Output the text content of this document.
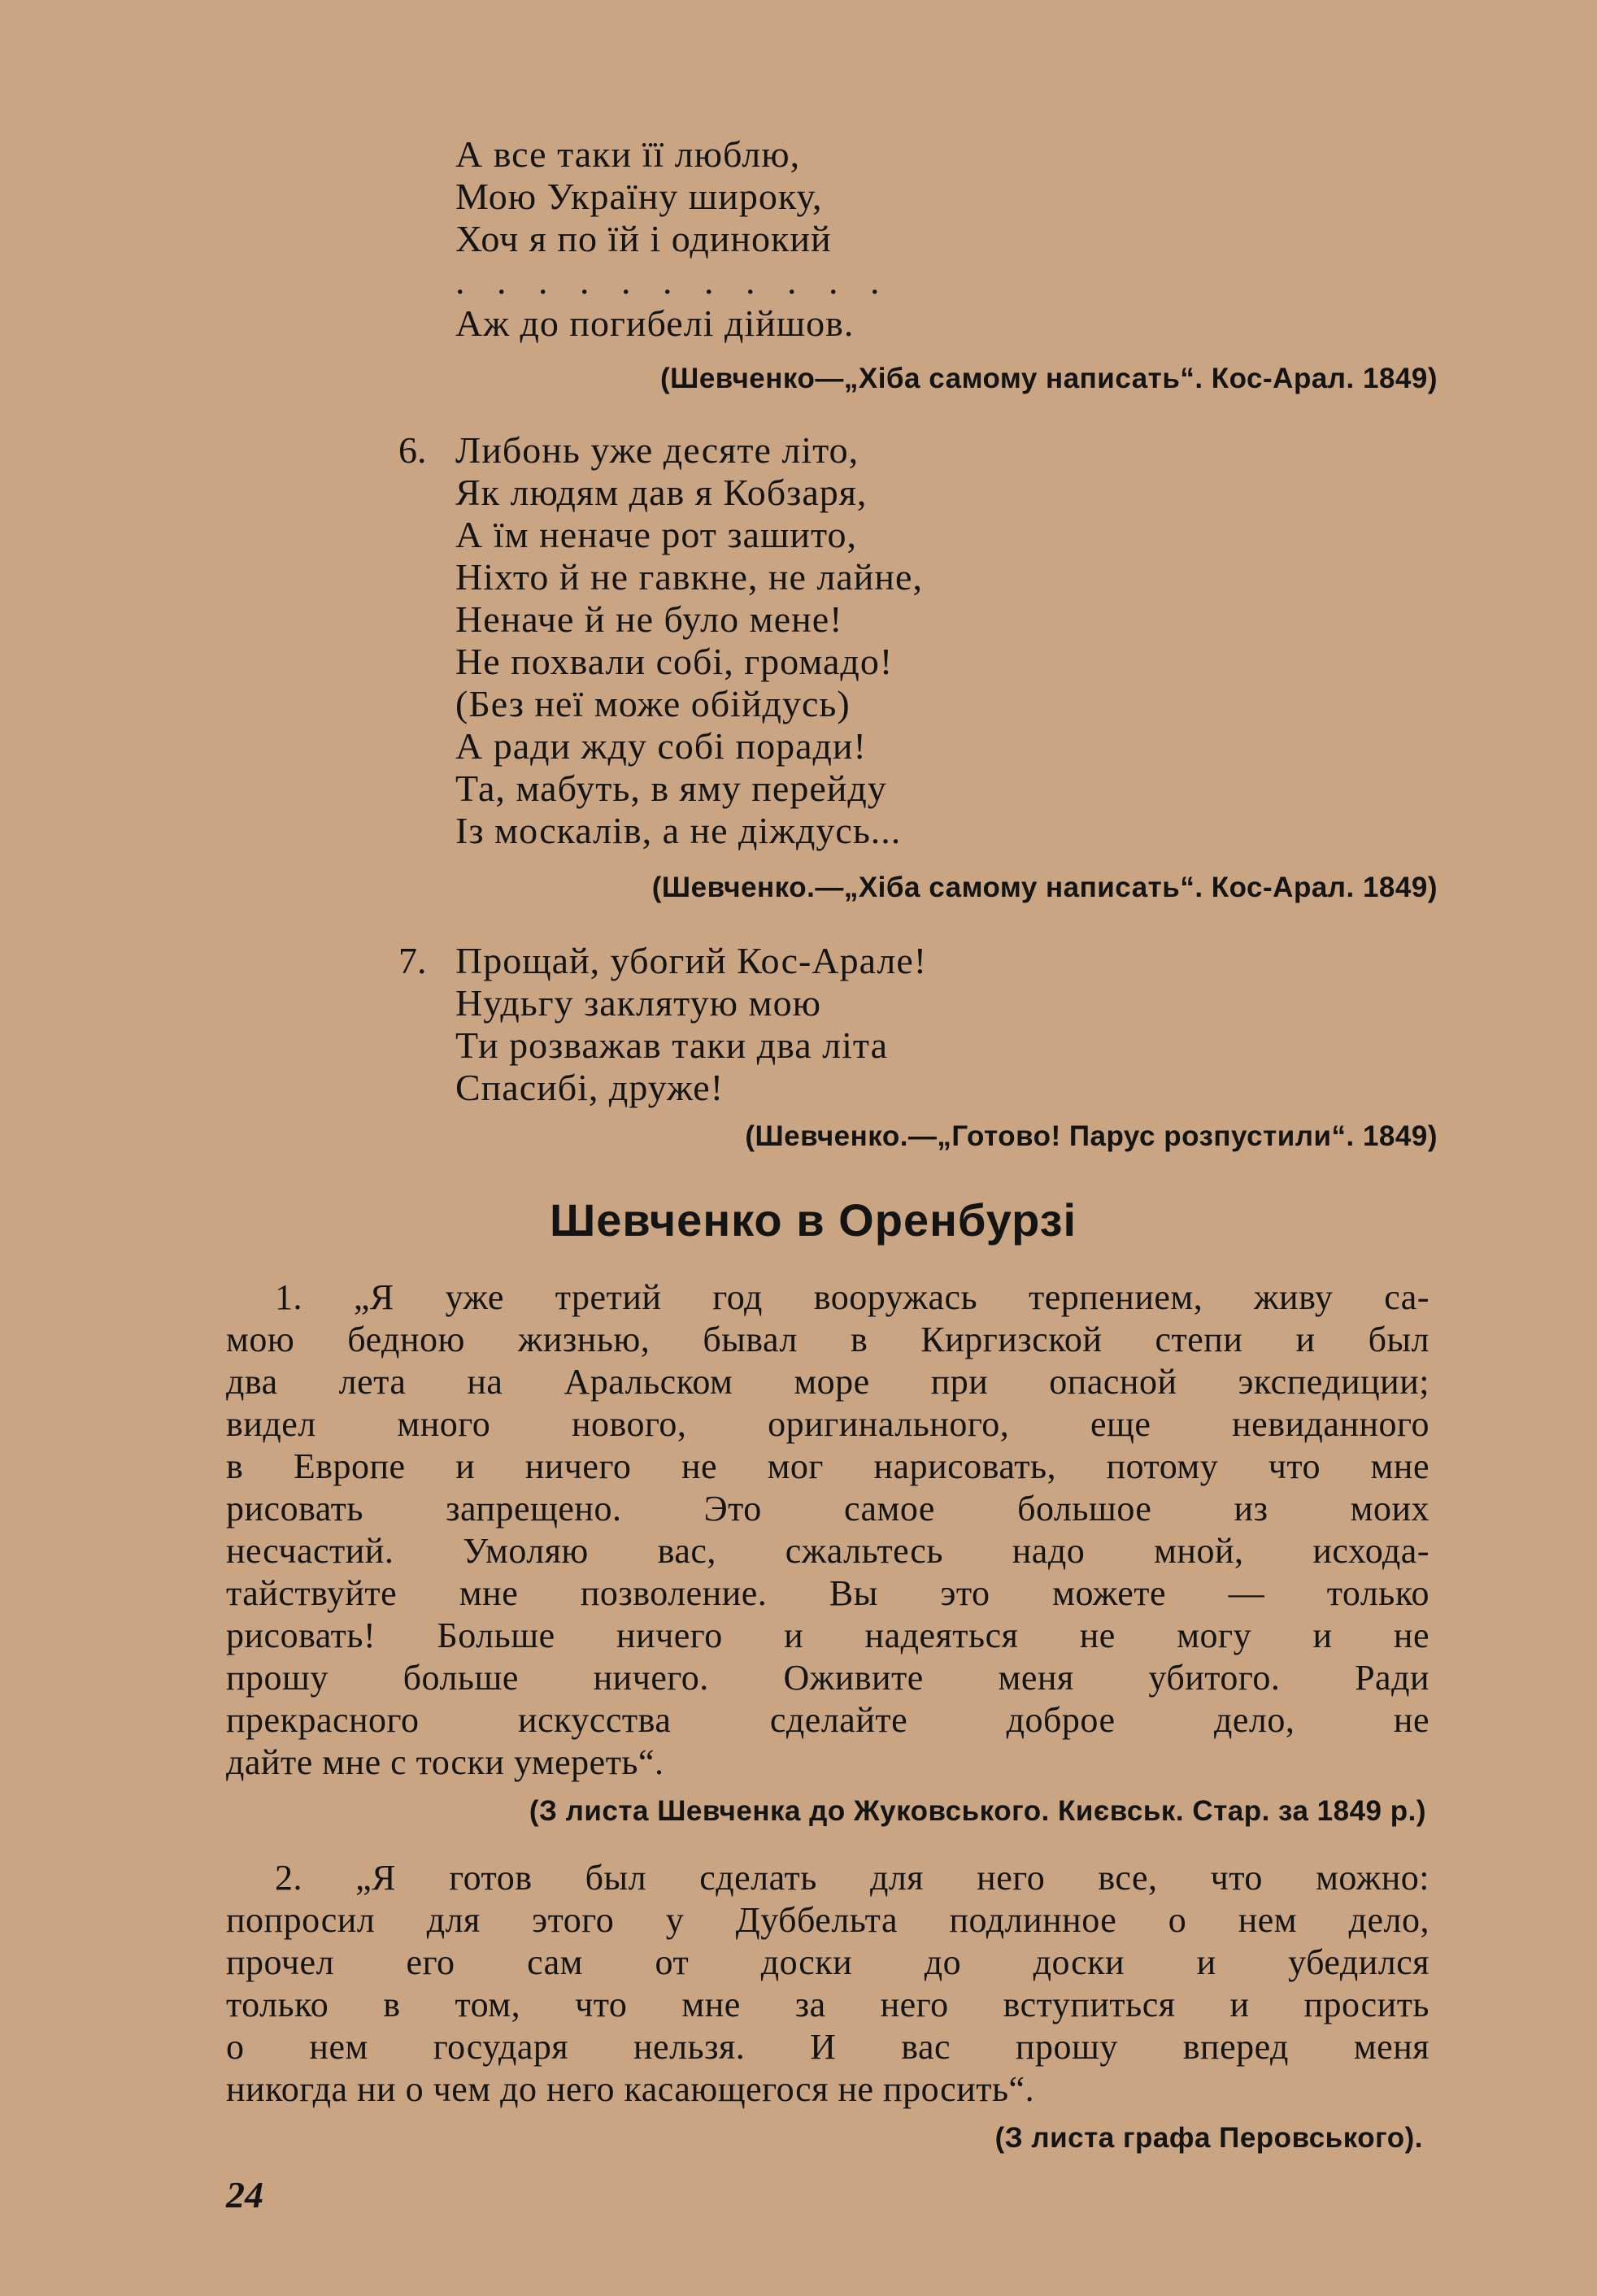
А все таки її люблю,
Мою Україну широку,
Хоч я по їй і одинокий
. . . . . . . . . . .
Аж до погибелі дійшов.
(Шевченко—„Хіба самому написать“. Кос-Арал. 1849)
6. Либонь уже десяте літо,
Як людям дав я Кобзаря,
А їм неначе рот зашито,
Ніхто й не гавкне, не лайне,
Неначе й не було мене!
Не похвали собі, громадо!
(Без неї може обійдусь)
А ради жду собі поради!
Та, мабуть, в яму перейду
Із москалів, а не діждусь...
(Шевченко.—„Хіба самому написать“. Кос-Арал. 1849)
7. Прощай, убогий Кос-Арале!
Нудьгу заклятую мою
Ти розважав таки два літа
Спасибі, друже!
(Шевченко.—„Готово! Парус розпустили“. 1849)
Шевченко в Оренбурзі
1. „Я уже третий год вооружась терпением, живу са-
мою бедною жизнью, бывал в Киргизской степи и был
два лета на Аральском море при опасной экспедиции;
видел много нового, оригинального, еще невиданного
в Европе и ничего не мог нарисовать, потому что мне
рисовать запрещено. Это самое большое из моих
несчастий. Умоляю вас, сжальтесь надо мной, исхода-
тайствуйте мне позволение. Вы это можете — только
рисовать! Больше ничего и надеяться не могу и не
прошу больше ничего. Оживите меня убитого. Ради
прекрасного искусства сделайте доброе дело, не
дайте мне с тоски умереть“.
(З листа Шевченка до Жуковського. Києвськ. Стар. за 1849 р.)
2. „Я готов был сделать для него все, что можно:
попросил для этого у Дуббельта подлинное о нем дело,
прочел его сам от доски до доски и убедился
только в том, что мне за него вступиться и просить
о нем государя нельзя. И вас прошу вперед меня
никогда ни о чем до него касающегося не просить“.
(З листа графа Перовського).
24
